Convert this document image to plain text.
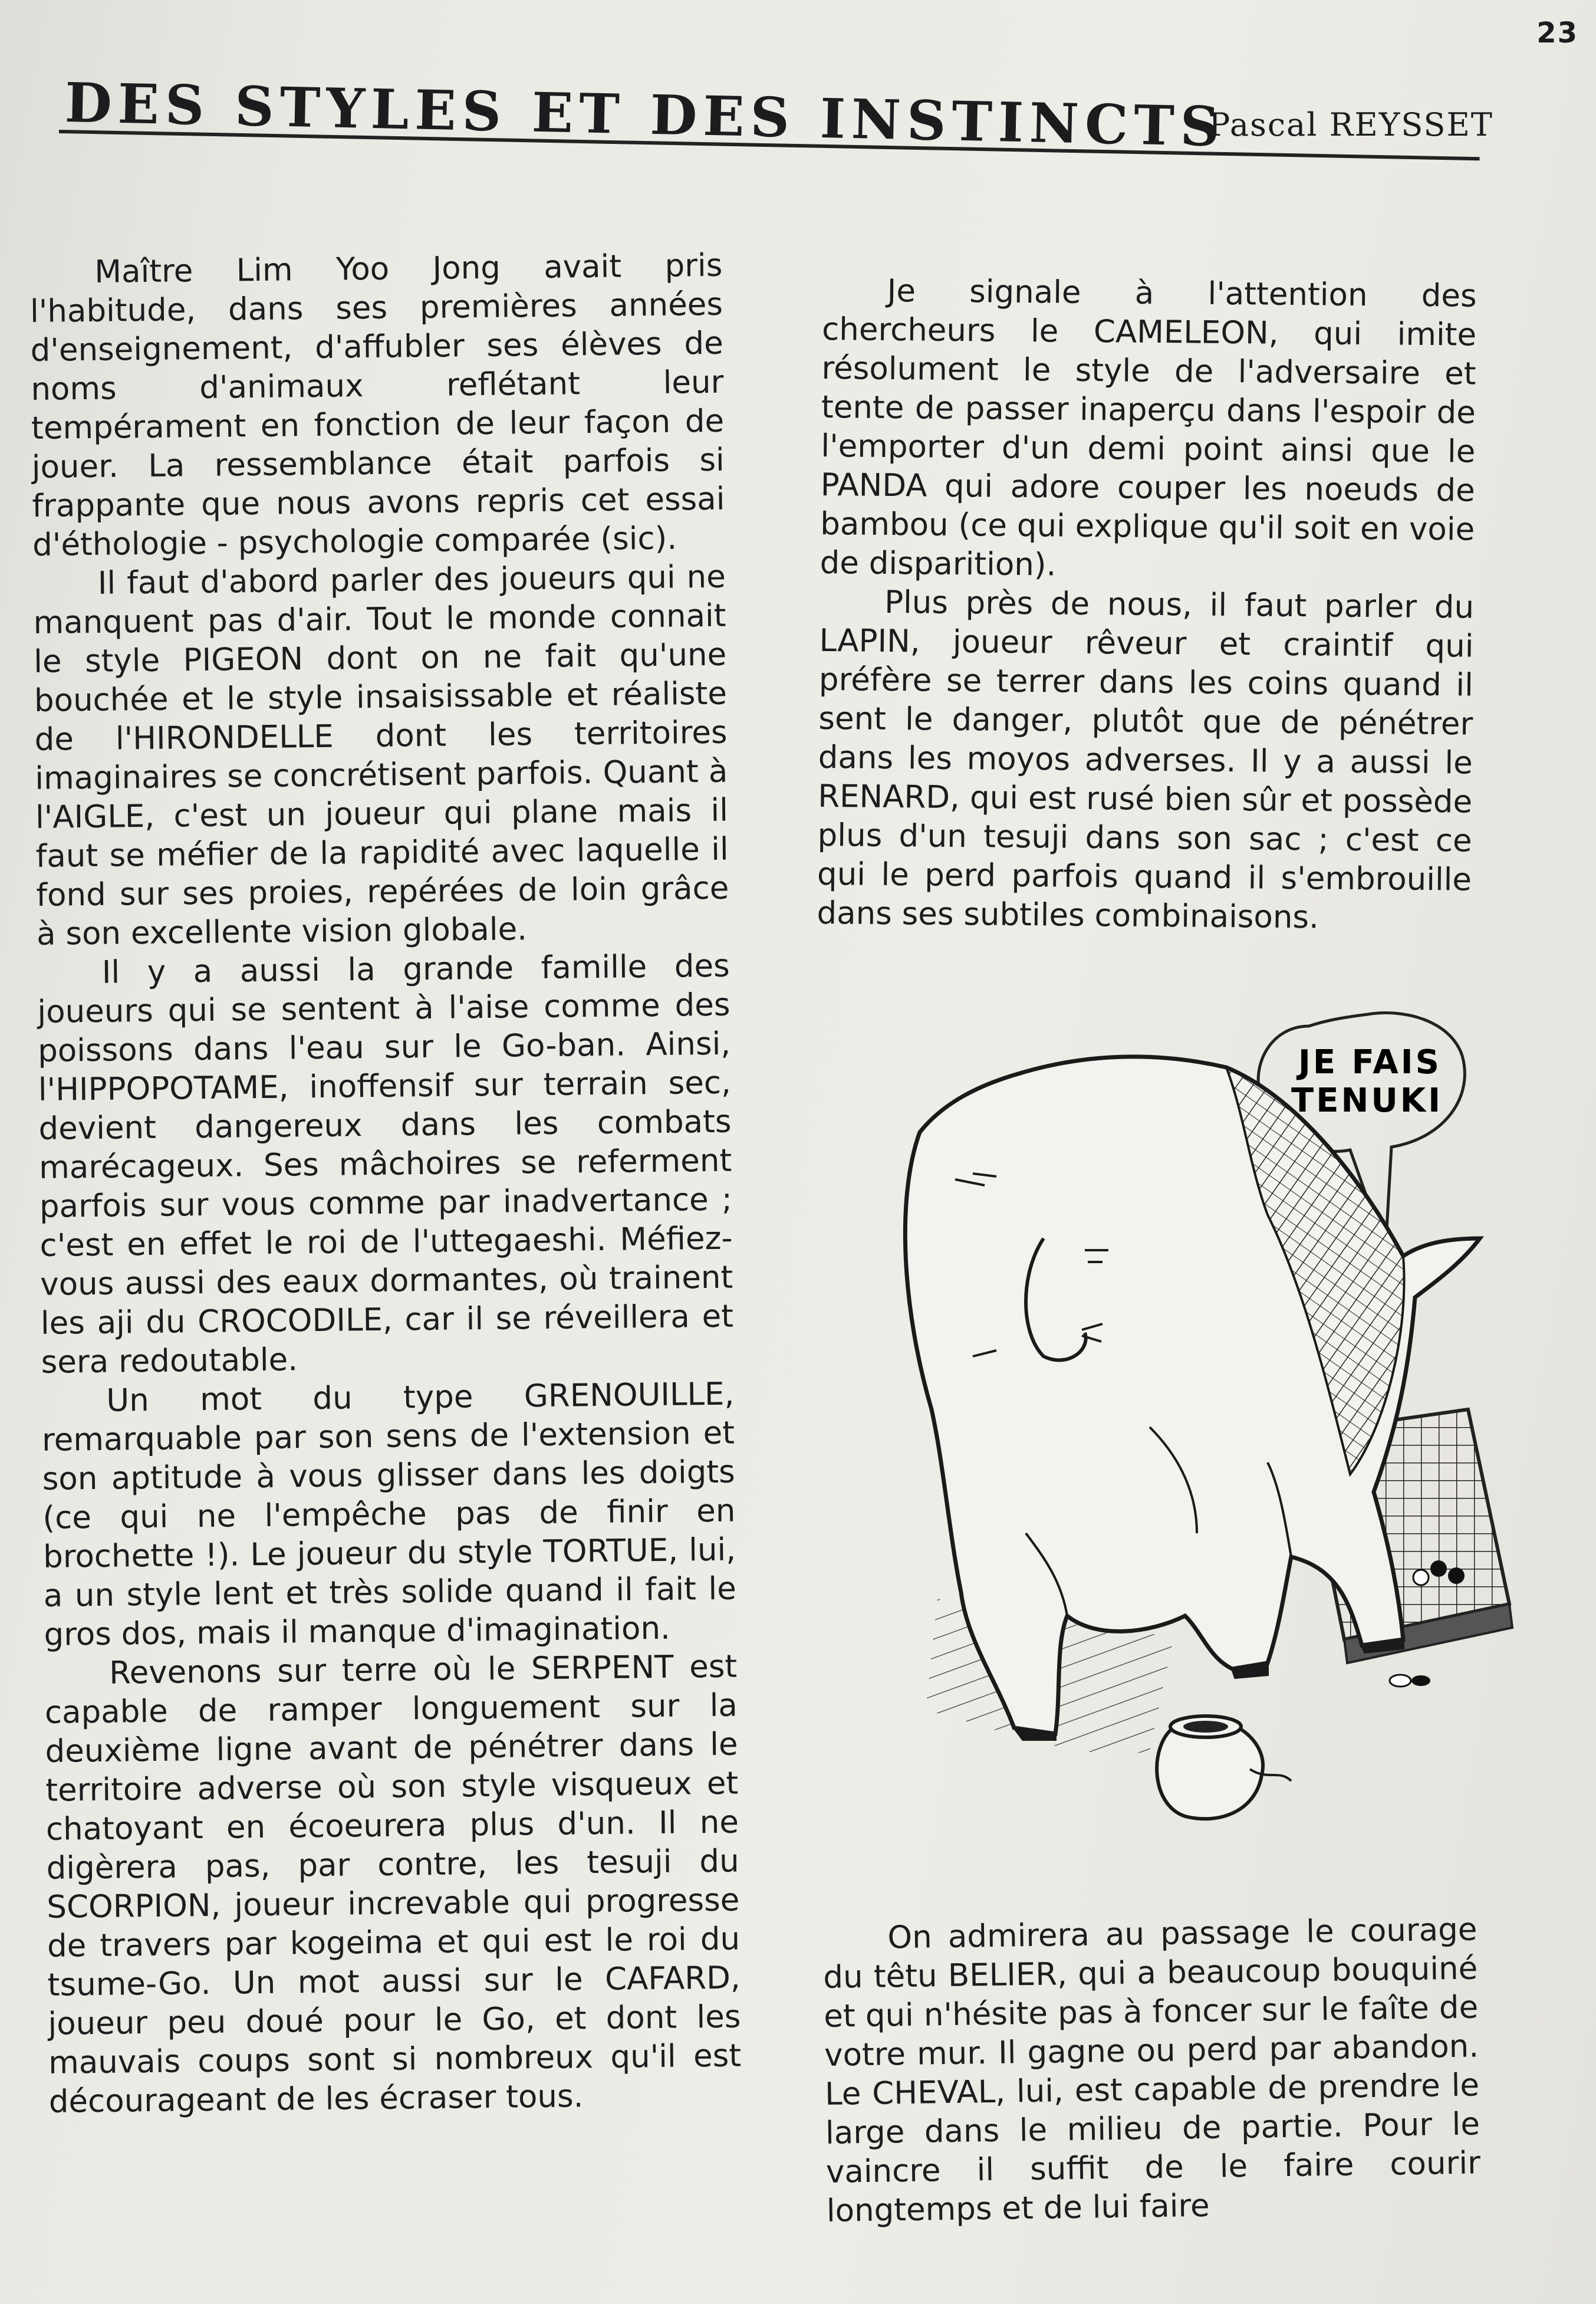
23
DES STYLES ET DES INSTINCTS
Pascal REYSSET

Maître Lim Yoo Jong avait pris l'habitude, dans ses premières années d'enseignement, d'affubler ses élèves de noms d'animaux reflétant leur tempérament en fonction de leur façon de jouer. La ressemblance était parfois si frappante que nous avons repris cet essai d'éthologie - psychologie comparée (sic).

Il faut d'abord parler des joueurs qui ne manquent pas d'air. Tout le monde connait le style PIGEON dont on ne fait qu'une bouchée et le style insaisissable et réaliste de l'HIRONDELLE dont les territoires imaginaires se concrétisent parfois. Quant à l'AIGLE, c'est un joueur qui plane mais il faut se méfier de la rapidité avec laquelle il fond sur ses proies, repérées de loin grâce à son excellente vision globale.

Il y a aussi la grande famille des joueurs qui se sentent à l'aise comme des poissons dans l'eau sur le Go-ban. Ainsi, l'HIPPOPOTAME, inoffensif sur terrain sec, devient dangereux dans les combats marécageux. Ses mâchoires se referment parfois sur vous comme par inadvertance ; c'est en effet le roi de l'uttegaeshi. Méfiez-vous aussi des eaux dormantes, où trainent les aji du CROCODILE, car il se réveillera et sera redoutable.

Un mot du type GRENOUILLE, remarquable par son sens de l'extension et son aptitude à vous glisser dans les doigts (ce qui ne l'empêche pas de finir en brochette !). Le joueur du style TORTUE, lui, a un style lent et très solide quand il fait le gros dos, mais il manque d'imagination.

Revenons sur terre où le SERPENT est capable de ramper longuement sur la deuxième ligne avant de pénétrer dans le territoire adverse où son style visqueux et chatoyant en écoeurera plus d'un. Il ne digèrera pas, par contre, les tesuji du SCORPION, joueur increvable qui progresse de travers par kogeima et qui est le roi du tsume-Go. Un mot aussi sur le CAFARD, joueur peu doué pour le Go, et dont les mauvais coups sont si nombreux qu'il est décourageant de les écraser tous.

Je signale à l'attention des chercheurs le CAMELEON, qui imite résolument le style de l'adversaire et tente de passer inaperçu dans l'espoir de l'emporter d'un demi point ainsi que le PANDA qui adore couper les noeuds de bambou (ce qui explique qu'il soit en voie de disparition).

Plus près de nous, il faut parler du LAPIN, joueur rêveur et craintif qui préfère se terrer dans les coins quand il sent le danger, plutôt que de pénétrer dans les moyos adverses. Il y a aussi le RENARD, qui est rusé bien sûr et possède plus d'un tesuji dans son sac ; c'est ce qui le perd parfois quand il s'embrouille dans ses subtiles combinaisons.

JE FAIS
TENUKI

On admirera au passage le courage du têtu BELIER, qui a beaucoup bouquiné et qui n'hésite pas à foncer sur le faîte de votre mur. Il gagne ou perd par abandon. Le CHEVAL, lui, est capable de prendre le large dans le milieu de partie. Pour le vaincre il suffit de le faire courir longtemps et de lui faire
